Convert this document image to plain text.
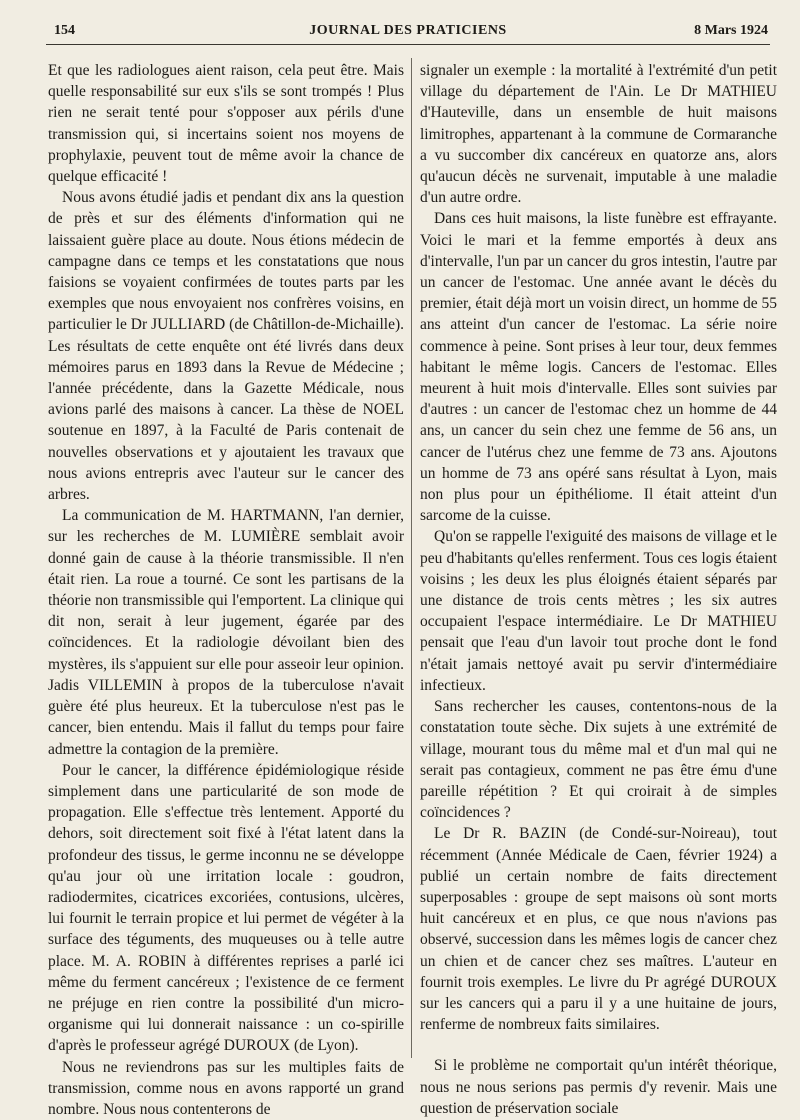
154	JOURNAL DES PRATICIENS	8 Mars 1924

Et que les radiologues aient raison, cela peut être. Mais quelle responsabilité sur eux s'ils se sont trompés ! Plus rien ne serait tenté pour s'opposer aux périls d'une transmission qui, si incertains soient nos moyens de prophylaxie, peuvent tout de même avoir la chance de quelque efficacité !

Nous avons étudié jadis et pendant dix ans la question de près et sur des éléments d'information qui ne laissaient guère place au doute. Nous étions médecin de campagne dans ce temps et les constatations que nous faisions se voyaient confirmées de toutes parts par les exemples que nous envoyaient nos confrères voisins, en particulier le Dr JULLIARD (de Châtillon-de-Michaille). Les résultats de cette enquête ont été livrés dans deux mémoires parus en 1893 dans la Revue de Médecine ; l'année précédente, dans la Gazette Médicale, nous avions parlé des maisons à cancer. La thèse de NOEL soutenue en 1897, à la Faculté de Paris contenait de nouvelles observations et y ajoutaient les travaux que nous avions entrepris avec l'auteur sur le cancer des arbres.

La communication de M. HARTMANN, l'an dernier, sur les recherches de M. LUMIÈRE semblait avoir donné gain de cause à la théorie transmissible. Il n'en était rien. La roue a tourné. Ce sont les partisans de la théorie non transmissible qui l'emportent. La clinique qui dit non, serait à leur jugement, égarée par des coïncidences. Et la radiologie dévoilant bien des mystères, ils s'appuient sur elle pour asseoir leur opinion. Jadis VILLEMIN à propos de la tuberculose n'avait guère été plus heureux. Et la tuberculose n'est pas le cancer, bien entendu. Mais il fallut du temps pour faire admettre la contagion de la première.

Pour le cancer, la différence épidémiologique réside simplement dans une particularité de son mode de propagation. Elle s'effectue très lentement. Apporté du dehors, soit directement soit fixé à l'état latent dans la profondeur des tissus, le germe inconnu ne se développe qu'au jour où une irritation locale : goudron, radiodermites, cicatrices excoriées, contusions, ulcères, lui fournit le terrain propice et lui permet de végéter à la surface des téguments, des muqueuses ou à telle autre place. M. A. ROBIN à différentes reprises a parlé ici même du ferment cancéreux ; l'existence de ce ferment ne préjuge en rien contre la possibilité d'un micro-organisme qui lui donnerait naissance : un co-spirille d'après le professeur agrégé DUROUX (de Lyon).

Nous ne reviendrons pas sur les multiples faits de transmission, comme nous en avons rapporté un grand nombre. Nous nous contenterons de

signaler un exemple : la mortalité à l'extrémité d'un petit village du département de l'Ain. Le Dr MATHIEU d'Hauteville, dans un ensemble de huit maisons limitrophes, appartenant à la commune de Cormaranche a vu succomber dix cancéreux en quatorze ans, alors qu'aucun décès ne survenait, imputable à une maladie d'un autre ordre.

Dans ces huit maisons, la liste funèbre est effrayante. Voici le mari et la femme emportés à deux ans d'intervalle, l'un par un cancer du gros intestin, l'autre par un cancer de l'estomac. Une année avant le décès du premier, était déjà mort un voisin direct, un homme de 55 ans atteint d'un cancer de l'estomac. La série noire commence à peine. Sont prises à leur tour, deux femmes habitant le même logis. Cancers de l'estomac. Elles meurent à huit mois d'intervalle. Elles sont suivies par d'autres : un cancer de l'estomac chez un homme de 44 ans, un cancer du sein chez une femme de 56 ans, un cancer de l'utérus chez une femme de 73 ans. Ajoutons un homme de 73 ans opéré sans résultat à Lyon, mais non plus pour un épithéliome. Il était atteint d'un sarcome de la cuisse.

Qu'on se rappelle l'exiguité des maisons de village et le peu d'habitants qu'elles renferment. Tous ces logis étaient voisins ; les deux les plus éloignés étaient séparés par une distance de trois cents mètres ; les six autres occupaient l'espace intermédiaire. Le Dr MATHIEU pensait que l'eau d'un lavoir tout proche dont le fond n'était jamais nettoyé avait pu servir d'intermédiaire infectieux.

Sans rechercher les causes, contentons-nous de la constatation toute sèche. Dix sujets à une extrémité de village, mourant tous du même mal et d'un mal qui ne serait pas contagieux, comment ne pas être ému d'une pareille répétition ? Et qui croirait à de simples coïncidences ?

Le Dr R. BAZIN (de Condé-sur-Noireau), tout récemment (Année Médicale de Caen, février 1924) a publié un certain nombre de faits directement superposables : groupe de sept maisons où sont morts huit cancéreux et en plus, ce que nous n'avions pas observé, succession dans les mêmes logis de cancer chez un chien et de cancer chez ses maîtres. L'auteur en fournit trois exemples. Le livre du Pr agrégé DUROUX sur les cancers qui a paru il y a une huitaine de jours, renferme de nombreux faits similaires.

Si le problème ne comportait qu'un intérêt théorique, nous ne nous serions pas permis d'y revenir. Mais une question de préservation sociale
